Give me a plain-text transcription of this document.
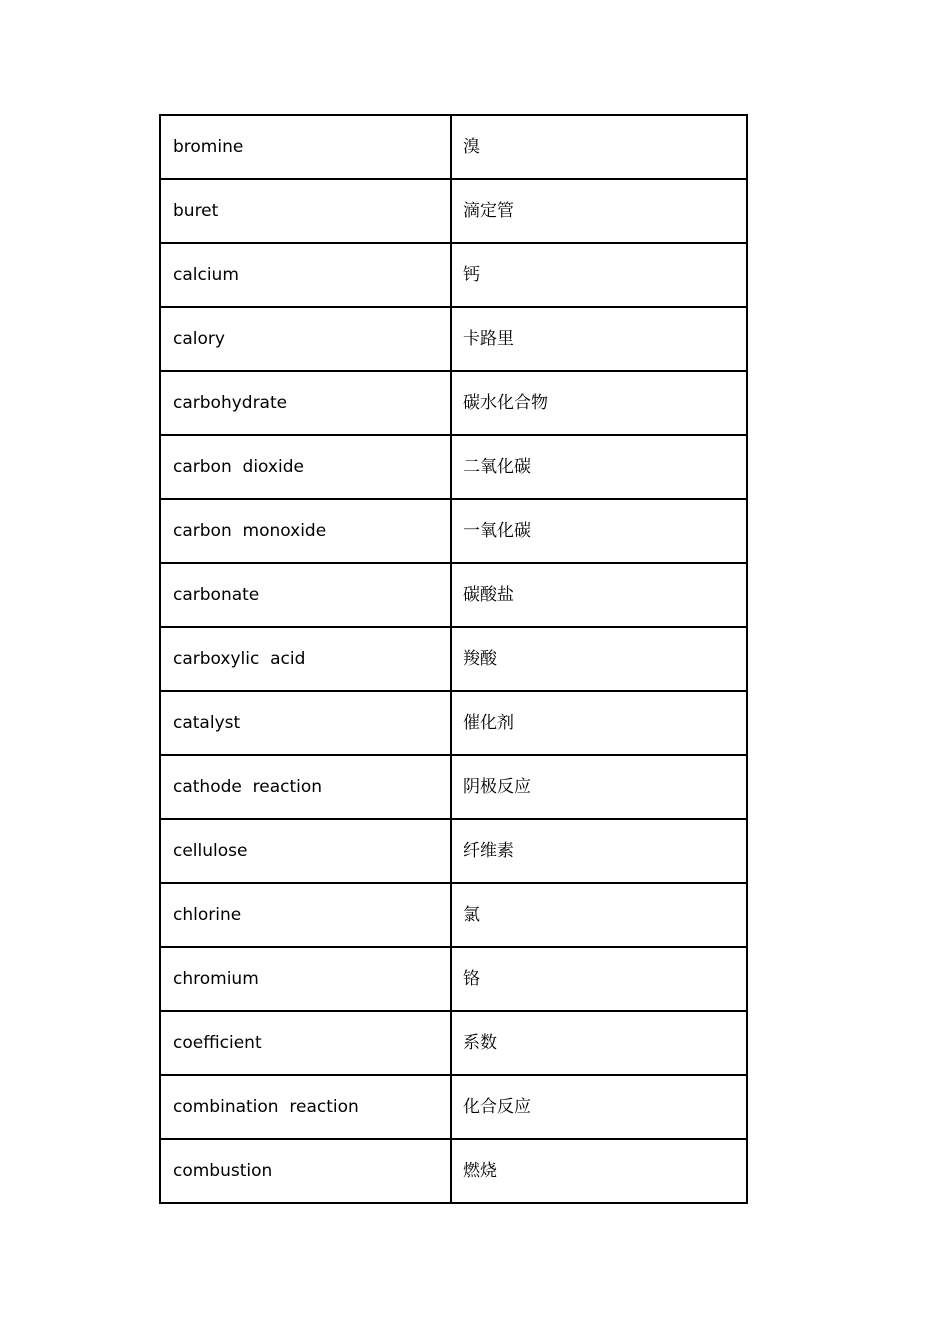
bromine	溴
buret	滴定管
calcium	钙
calory	卡路里
carbohydrate	碳水化合物
carbon  dioxide	二氧化碳
carbon  monoxide	一氧化碳
carbonate	碳酸盐
carboxylic  acid	羧酸
catalyst	催化剂
cathode  reaction	阴极反应
cellulose	纤维素
chlorine	氯
chromium	铬
coefficient	系数
combination  reaction	化合反应
combustion	燃烧
